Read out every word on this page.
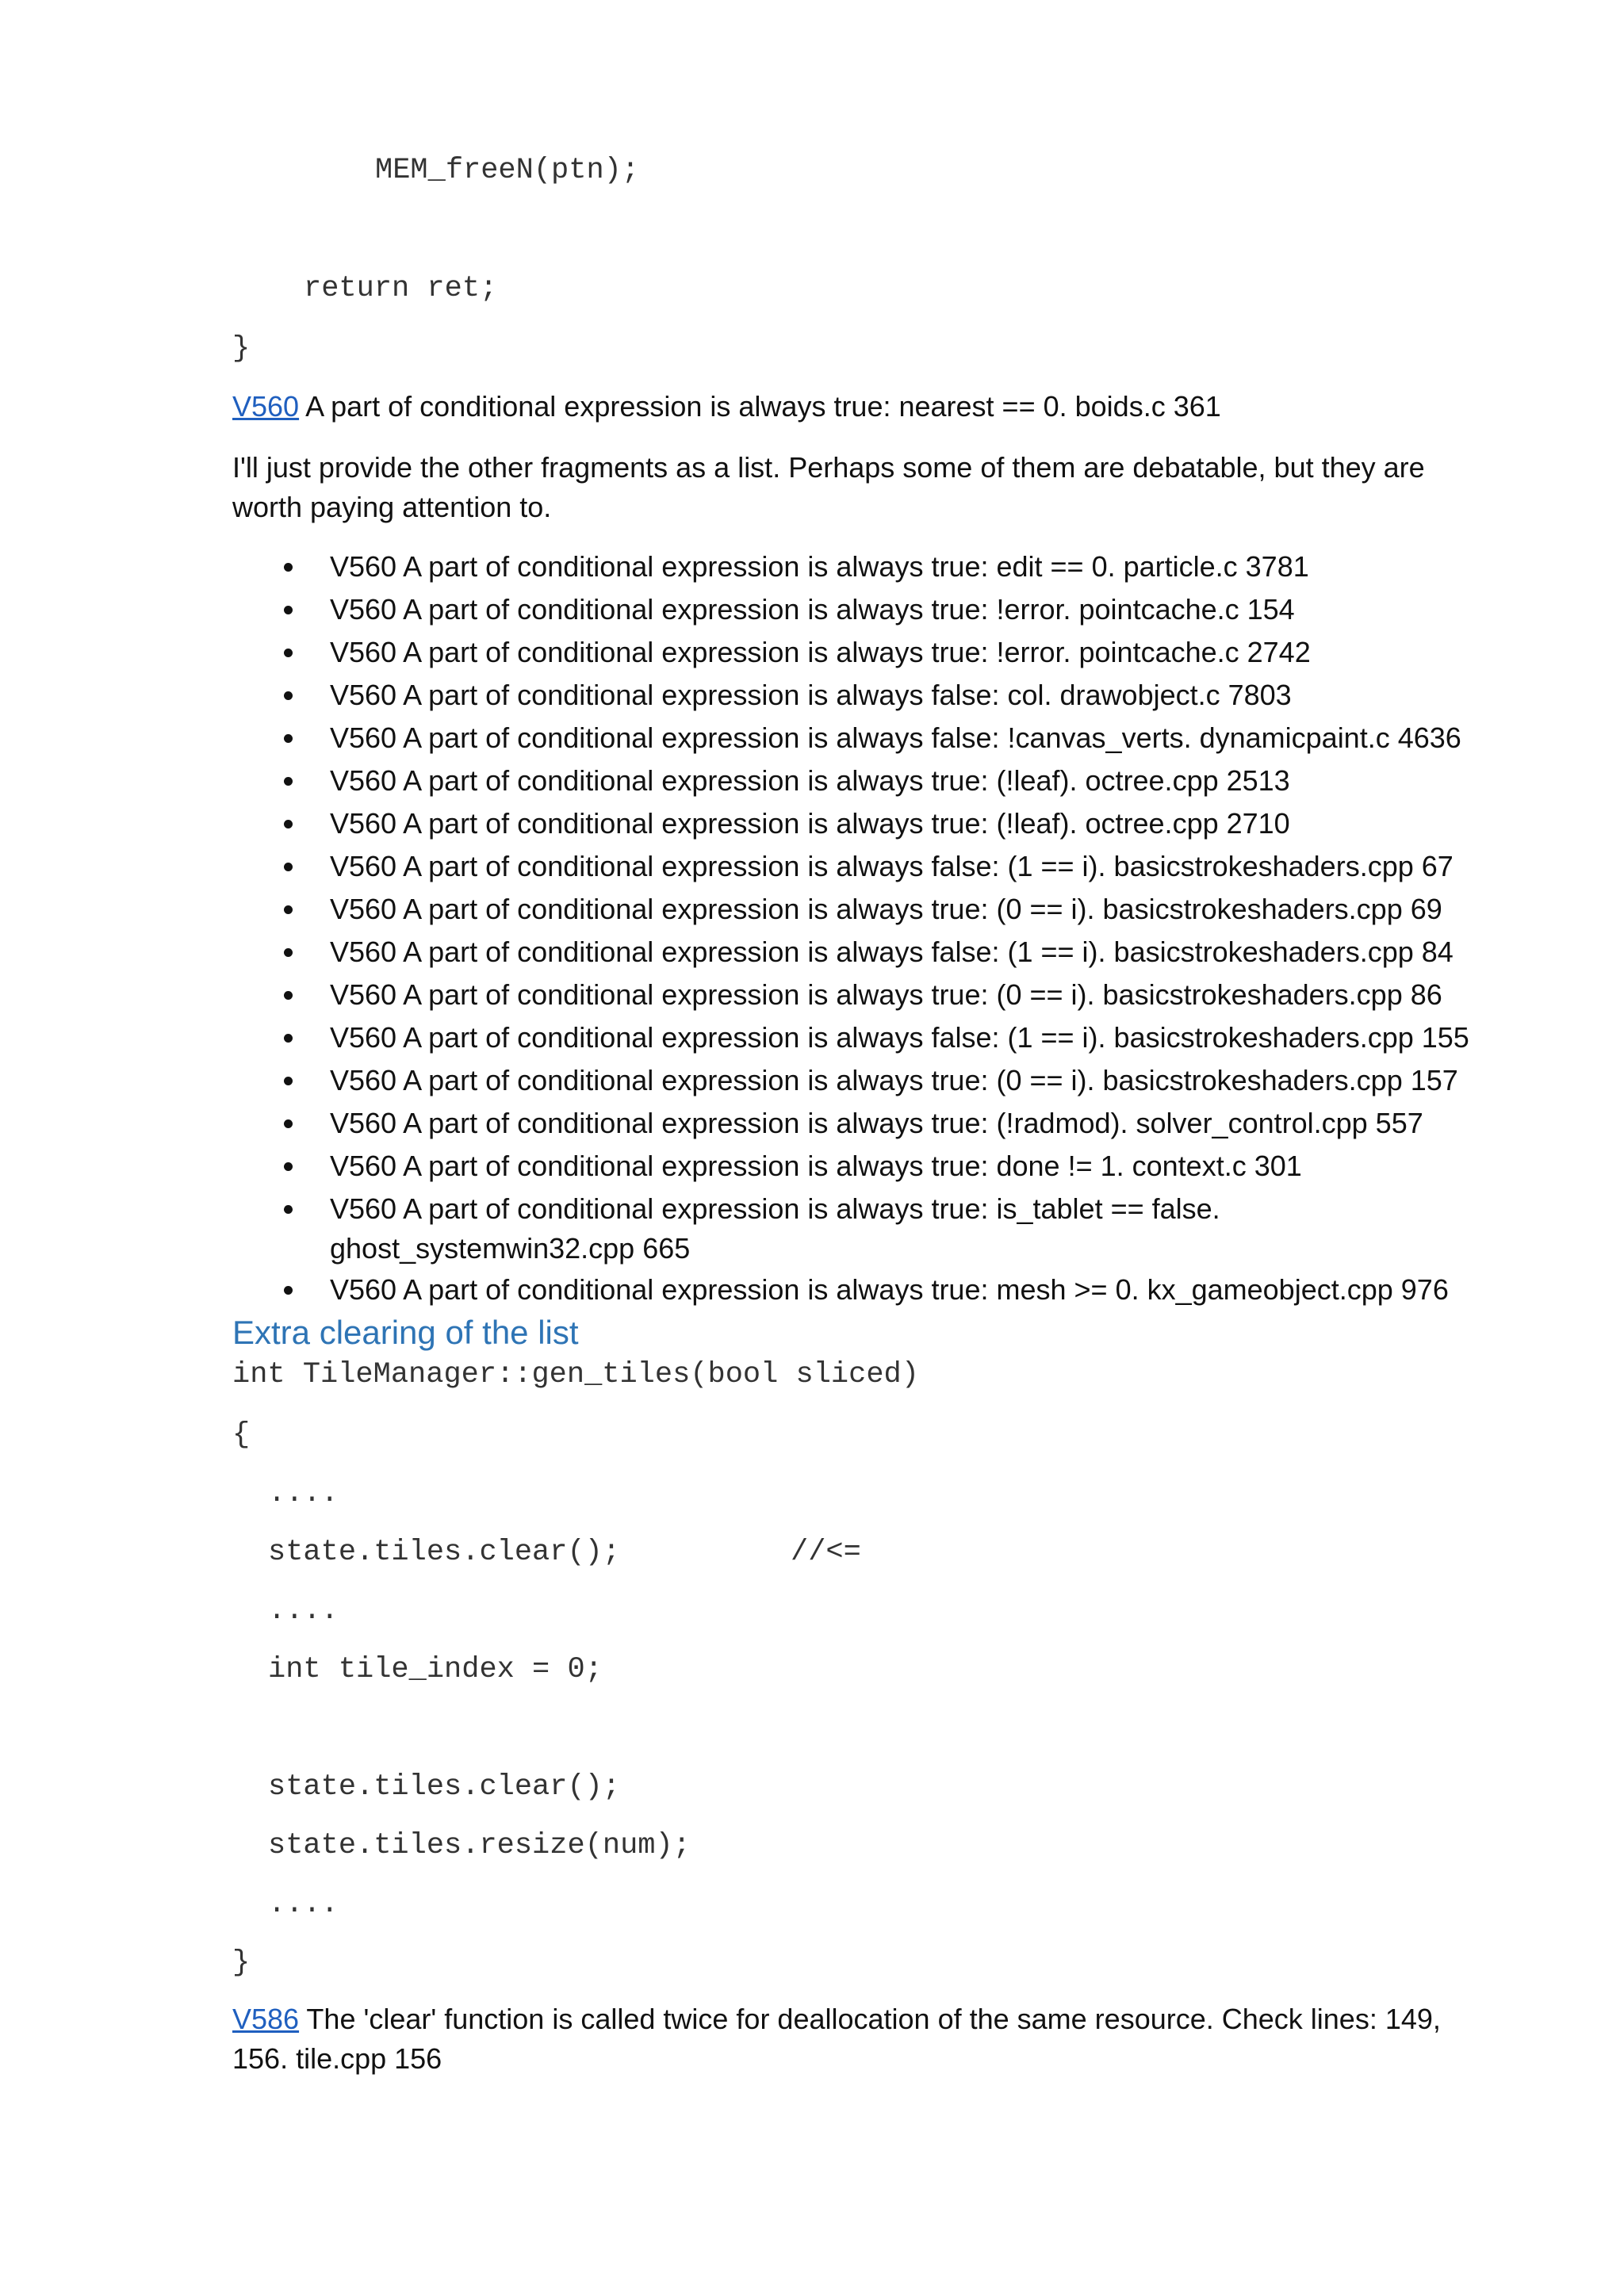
MEM_freeN(ptn);
return ret;
}

V560 A part of conditional expression is always true: nearest == 0. boids.c 361

I'll just provide the other fragments as a list. Perhaps some of them are debatable, but they are worth paying attention to.

V560 A part of conditional expression is always true: edit == 0. particle.c 3781
V560 A part of conditional expression is always true: !error. pointcache.c 154
V560 A part of conditional expression is always true: !error. pointcache.c 2742
V560 A part of conditional expression is always false: col. drawobject.c 7803
V560 A part of conditional expression is always false: !canvas_verts. dynamicpaint.c 4636
V560 A part of conditional expression is always true: (!leaf). octree.cpp 2513
V560 A part of conditional expression is always true: (!leaf). octree.cpp 2710
V560 A part of conditional expression is always false: (1 == i). basicstrokeshaders.cpp 67
V560 A part of conditional expression is always true: (0 == i). basicstrokeshaders.cpp 69
V560 A part of conditional expression is always false: (1 == i). basicstrokeshaders.cpp 84
V560 A part of conditional expression is always true: (0 == i). basicstrokeshaders.cpp 86
V560 A part of conditional expression is always false: (1 == i). basicstrokeshaders.cpp 155
V560 A part of conditional expression is always true: (0 == i). basicstrokeshaders.cpp 157
V560 A part of conditional expression is always true: (!radmod). solver_control.cpp 557
V560 A part of conditional expression is always true: done != 1. context.c 301
V560 A part of conditional expression is always true: is_tablet == false. ghost_systemwin32.cpp 665
V560 A part of conditional expression is always true: mesh >= 0. kx_gameobject.cpp 976
Extra clearing of the list
int TileManager::gen_tiles(bool sliced)
{
....
state.tiles.clear();	//<=
....
int tile_index = 0;
state.tiles.clear();
state.tiles.resize(num);
....
}

V586 The 'clear' function is called twice for deallocation of the same resource. Check lines: 149, 156. tile.cpp 156
